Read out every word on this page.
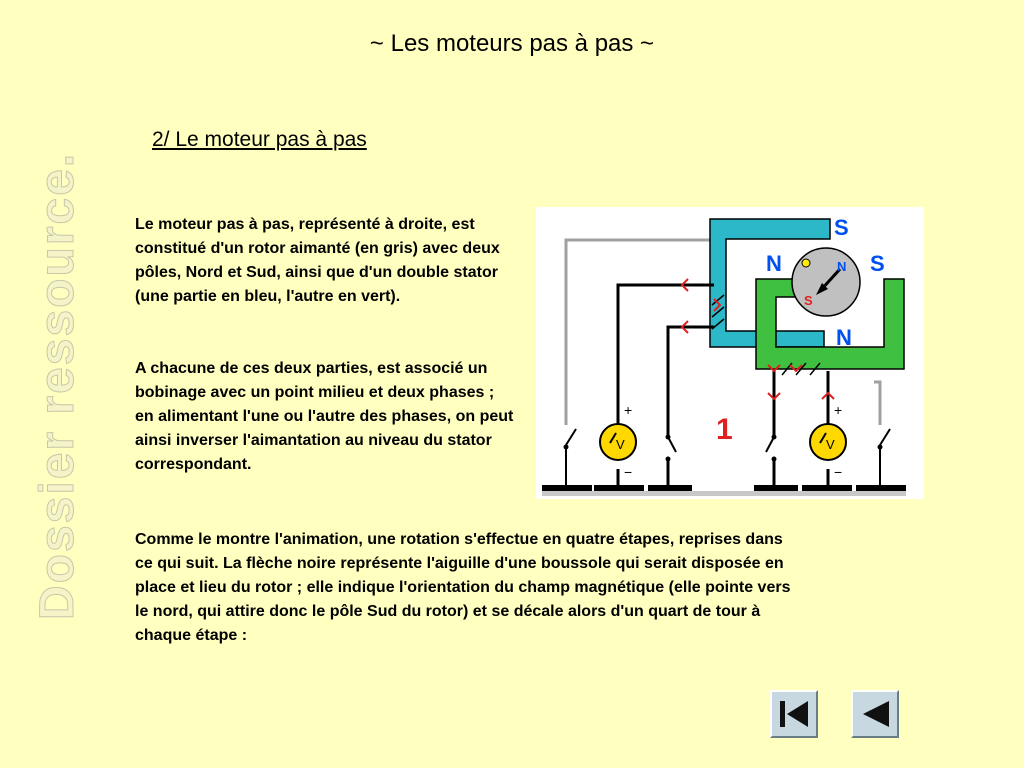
~ Les moteurs pas à pas ~
2/ Le moteur pas à pas
Dossier ressource.	Le moteur pas à pas, représenté à droite, est constitué d'un rotor aimanté (en gris) avec deux pôles, Nord et Sud, ainsi que d'un double stator (une partie en bleu, l'autre en vert).

A chacune de ces deux parties, est associé un bobinage avec un point milieu et deux phases ; en alimentant l'une ou l'autre des phases, on peut ainsi inverser l'aimantation au niveau du stator correspondant.

Comme le montre l'animation, une rotation s'effectue en quatre étapes, reprises dans ce qui suit. La flèche noire représente l'aiguille d'une boussole qui serait disposée en place et lieu du rotor ; elle indique l'orientation du champ magnétique (elle pointe vers le nord, qui attire donc le pôle Sud du rotor) et se décale alors d'un quart de tour à chaque étape :

S
N	S
N
N
S
V	V
+
−
+
−
1
